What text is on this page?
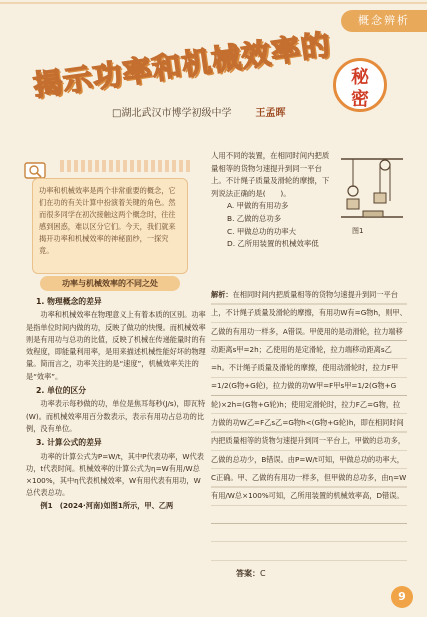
概念辨析
揭示功率和机械效率的 秘
密
□湖北武汉市博学初级中学 王孟晖
功率和机械效率是两个非常重要的概念，它们在功的有关计算中扮演着关键的角色。然而很多同学在初次接触这两个概念时，往往感到困惑，难以区分它们。今天，我们就来揭开功率和机械效率的神秘面纱，一探究竟。
功率与机械效率的不同之处
1. 物理概念的差异

功率和机械效率在物理意义上有着本质的区别。功率是指单位时间内做的功，反映了做功的快慢。而机械效率则是有用功与总功的比值，反映了机械在传递能量时的有效程度，即能量利用率，是用来描述机械性能好坏的物理量。简而言之，功率关注的是“速度”，机械效率关注的是“效率”。

2. 单位的区分

功率表示每秒做的功，单位是焦耳每秒(J/s)，即瓦特(W)。而机械效率用百分数表示，表示有用功占总功的比例，没有单位。

3. 计算公式的差异

功率的计算公式为P=W/t，其中P代表功率，W代表功，t代表时间。机械效率的计算公式为η=W有用/W总×100%，其中η代表机械效率，W有用代表有用功，W总代表总功。

例1　(2024·河南)如图1所示，甲、乙两

人用不同的装置，在相同时间内把质量相等的货物匀速提升到同一平台上。不计绳子质量及滑轮的摩擦，下列说法正确的是(　　)。

A. 甲做的有用功多

B. 乙做的总功多

C. 甲做总功的功率大

D. 乙所用装置的机械效率低

图1
解析：在相同时间内把质量相等的货物匀速提升到同一平台上，不计绳子质量及滑轮的摩擦，有用功W有=G物h，则甲、乙做的有用功一样多，A错误。甲使用的是动滑轮，拉力端移动距离s甲=2h；乙使用的是定滑轮，拉力端移动距离s乙=h。不计绳子质量及滑轮的摩擦，使用动滑轮时，拉力F甲=1/2(G物+G轮)，拉力做的功W甲=F甲s甲=1/2(G物+G轮)×2h=(G物+G轮)h；使用定滑轮时，拉力F乙=G物，拉力做的功W乙=F乙s乙=G物h<(G物+G轮)h，即在相同时间内把质量相等的货物匀速提升到同一平台上，甲做的总功多，乙做的总功少，B错误。由P=W/t可知，甲做总功的功率大，C正确。甲、乙做的有用功一样多，但甲做的总功多，由η=W有用/W总×100%可知，乙所用装置的机械效率高，D错误。
答案：C
9
